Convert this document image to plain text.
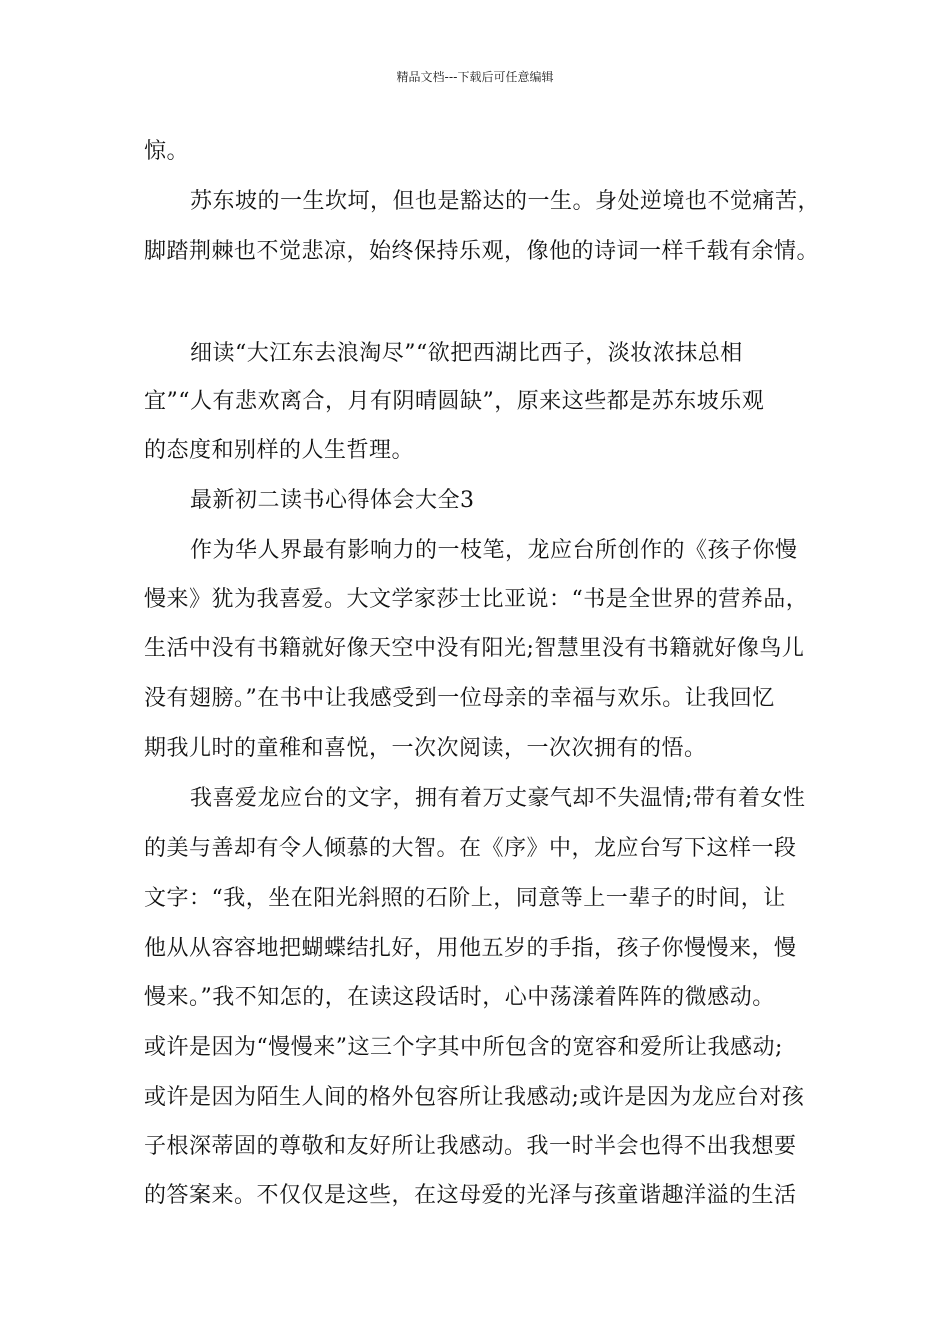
精品文档---下载后可任意编辑
惊。
苏东坡的一生坎坷，但也是豁达的一生。身处逆境也不觉痛苦，
脚踏荆棘也不觉悲凉，始终保持乐观，像他的诗词一样千载有余情。
细读“大江东去浪淘尽”“欲把西湖比西子，淡妆浓抹总相
宜”“人有悲欢离合，月有阴晴圆缺”，原来这些都是苏东坡乐观
的态度和别样的人生哲理。
最新初二读书心得体会大全3
作为华人界最有影响力的一枝笔，龙应台所创作的《孩子你慢
慢来》犹为我喜爱。大文学家莎士比亚说：“书是全世界的营养品，
生活中没有书籍就好像天空中没有阳光;智慧里没有书籍就好像鸟儿
没有翅膀。”在书中让我感受到一位母亲的幸福与欢乐。让我回忆
期我儿时的童稚和喜悦，一次次阅读，一次次拥有的悟。
我喜爱龙应台的文字，拥有着万丈豪气却不失温情;带有着女性
的美与善却有令人倾慕的大智。在《序》中，龙应台写下这样一段
文字：“我，坐在阳光斜照的石阶上，同意等上一辈子的时间，让
他从从容容地把蝴蝶结扎好，用他五岁的手指，孩子你慢慢来，慢
慢来。”我不知怎的，在读这段话时，心中荡漾着阵阵的微感动。
或许是因为“慢慢来”这三个字其中所包含的宽容和爱所让我感动;
或许是因为陌生人间的格外包容所让我感动;或许是因为龙应台对孩
子根深蒂固的尊敬和友好所让我感动。我一时半会也得不出我想要
的答案来。不仅仅是这些，在这母爱的光泽与孩童谐趣洋溢的生活
